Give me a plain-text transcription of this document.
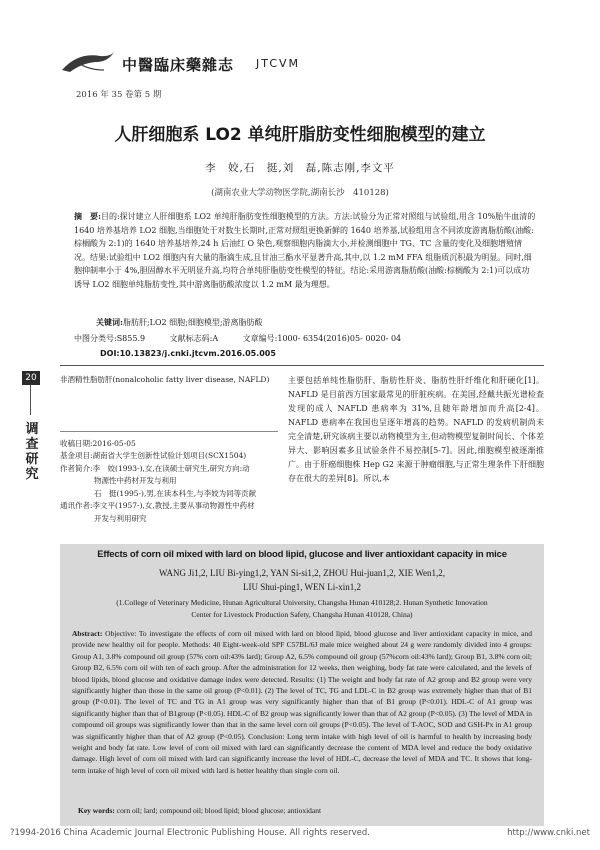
中醫臨床藥雜志 JTCVM
2016 年 35 卷第 5 期
人肝细胞系 LO2 单纯肝脂肪变性细胞模型的建立
李　姣,石　挺,刘　磊,陈志刚,李文平
(湖南农业大学动物医学院,湖南长沙　410128)
摘　要:目的:探讨建立人肝细胞系 LO2 单纯肝脂肪变性细胞模型的方法。方法:试验分为正常对照组与试验组,用含 10%胎牛血清的 1640 培养基培养 LO2 细胞,当细胞处于对数生长期时,正常对照组更换新鲜的 1640 培养基,试验组用含不同浓度游离脂肪酸(油酸:棕榈酸为 2:1)的 1640 培养基培养,24 h 后油红 O 染色,观察细胞内脂滴大小,并检测细胞中 TG、TC 含量的变化及细胞增殖情况。结果:试验组中 LO2 细胞内有大量的脂滴生成,且甘油三酯水平显著升高,其中,以 1.2 mM FFA 组脂质沉积最为明显。同时,细胞抑制率小于 4%,胆固醇水平无明显升高,均符合单纯肝脂肪变性模型的特征。结论:采用游离脂肪酸(油酸:棕榈酸为 2:1)可以成功诱导 LO2 细胞单纯脂肪变性,其中游离脂肪酸浓度以 1.2 mM 最为理想。
关键词:脂肪肝;LO2 细胞;细胞模型;游离脂肪酸
中图分类号:S855.9	文献标志码:A	文章编号:1000- 6354(2016)05- 0020- 04
DOI:10.13823/j.cnki.jtcvm.2016.05.005
20
调查研究
非酒精性脂肪肝(nonalcoholic fatty liver disease, NAFLD)
收稿日期:2016-05-05
基金项目:湖南省大学生创新性试验计划项目(SCX1504)
作者简介:李　姣(1993-),女,在读硕士研究生,研究方向:动
物源性中药材开发与利用
石　挺(1995-),男,在读本科生,与李姣为同等贡献
通讯作者:李文平(1957-),女,教授,主要从事动物源性中药材
开发与利用研究
主要包括单纯性脂肪肝、脂肪性肝炎、脂肪性肝纤维化和肝硬化[1]。NAFLD 是目前西方国家最常见的肝脏疾病。在美国,经戴共振光谱检查发现的成人 NAFLD 患病率为 31%,且随年龄增加而升高[2-4]。NAFLD 患病率在我国也呈逐年增高的趋势。NAFLD 的发病机制尚未完全清楚,研究该病主要以动物模型为主,但动物模型复制时间长、个体差异大、影响因素多且试验条件不易控制[5-7]。因此,细胞模型被逐渐推广。由于肝癌细胞株 Hep G2 来源于肿瘤细胞,与正常生理条件下肝细胞存在很大的差异[8]。所以,本
Effects of corn oil mixed with lard on blood lipid, glucose and liver antioxidant capacity in mice
WANG Ji1,2, LIU Bi-ying1,2, YAN Si-si1,2, ZHOU Hui-juan1,2, XIE Wen1,2,
LIU Shui-ping1, WEN Li-xin1,2
(1.College of Veterinary Medicine, Hunan Agricultural University, Changsha Hunan 410128;2. Hunan Synthetic Innovation
Center for Livestock Production Safety, Changsha Hunan 410128, China)
Abstract: Objective: To investigate the effects of corn oil mixed with lard on blood lipid, blood glucose and liver antioxidant capacity in mice, and provide new healthy oil for people. Methods: 40 Eight-week-old SPF C57BL/6J male mice weighed about 24 g were randomly divided into 4 groups: Group A1, 3.8% compound oil group (57% corn oil:43% lard); Group A2, 6.5% compound oil group (57%corn oil:43% lard); Group B1, 3.8% corn oil; Group B2, 6.5% corn oil with ten of each group. After the administration for 12 weeks, then weighing, body fat rate were calculated, and the levels of blood lipids, blood glucose and oxidative damage index were detected. Results: (1) The weight and body fat rate of A2 group and B2 group were very significantly higher than those in the same oil group (P<0.01). (2) The level of TC, TG and LDL-C in B2 group was extremely higher than that of B1 group (P<0.01). The level of TC and TG in A1 group was very significantly higher than that of B1 group (P<0.01). HDL-C of A1 group was significantly higher than that of B1group (P<0.05). HDL-C of B2 group was significantly lower than that of A2 group (P<0.05). (3) The level of MDA in compound oil groups was significantly lower than that in the same level corn oil groups (P<0.05). The level of T-AOC, SOD and GSH-Px in A1 group was significantly higher than that of A2 group (P<0.05). Conclusion: Long term intake with high level of oil is harmful to health by increasing body weight and body fat rate. Low level of corn oil mixed with lard can significantly decrease the content of MDA level and reduce the body oxidative damage. High level of corn oil mixed with lard can significantly increase the level of HDL-C, decrease the level of MDA and TC. It shows that long-term intake of high level of corn oil mixed with lard is better healthy than single corn oil.
Key words: corn oil; lard; compound oil; blood lipid; blood glucose; antioxidant
?1994-2016 China Academic Journal Electronic Publishing House. All rights reserved.	http://www.cnki.net
